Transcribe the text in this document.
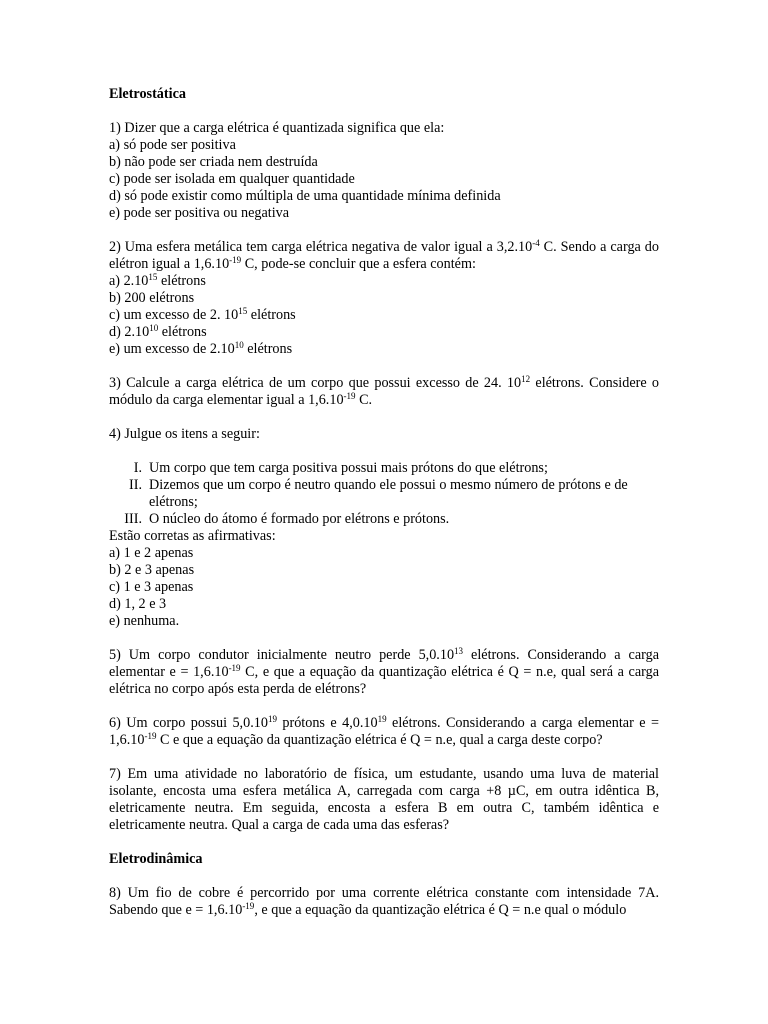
Eletrostática

1) Dizer que a carga elétrica é quantizada significa que ela:

a) só pode ser positiva

b) não pode ser criada nem destruída

c) pode ser isolada em qualquer quantidade

d) só pode existir como múltipla de uma quantidade mínima definida

e) pode ser positiva ou negativa

2) Uma esfera metálica tem carga elétrica negativa de valor igual a $3,2.10^{-4}$ C. Sendo a carga do elétron igual a $1,6.10^{-19}$ C, pode-se concluir que a esfera contém:

a) 2.10$^{15}$ elétrons

b) 200 elétrons

c) um excesso de 2. $10^{15}$ elétrons

d) 2.10$^{10}$ elétrons

e) um excesso de 2.10$^{10}$ elétrons

3) Calcule a carga elétrica de um corpo que possui excesso de 24. $10^{12}$ elétrons. Considere o módulo da carga elementar igual a $1,6.10^{-19}$ C.

4) Julgue os itens a seguir:

I. Um corpo que tem carga positiva possui mais prótons do que elétrons;
II. Dizemos que um corpo é neutro quando ele possui o mesmo número de prótons e de elétrons;
III. O núcleo do átomo é formado por elétrons e prótons.

Estão corretas as afirmativas:

a) 1 e 2 apenas

b) 2 e 3 apenas

c) 1 e 3 apenas

d) 1, 2 e 3

e) nenhuma.

5) Um corpo condutor inicialmente neutro perde 5,0.10$^{13}$ elétrons. Considerando a carga elementar $e = 1,6.10^{-19}$ C, e que a equação da quantização elétrica é Q = n.e, qual será a carga elétrica no corpo após esta perda de elétrons?

6) Um corpo possui 5,0.10$^{19}$ prótons e 4,0.10$^{19}$ elétrons. Considerando a carga elementar $e = 1,6.10^{-19}$ C e que a equação da quantização elétrica é Q = n.e, qual a carga deste corpo?

7) Em uma atividade no laboratório de física, um estudante, usando uma luva de material isolante, encosta uma esfera metálica A, carregada com carga +8 µC, em outra idêntica B, eletricamente neutra. Em seguida, encosta a esfera B em outra C, também idêntica e eletricamente neutra. Qual a carga de cada uma das esferas?

Eletrodinâmica

8) Um fio de cobre é percorrido por uma corrente elétrica constante com intensidade 7A. Sabendo que $e = 1,6.10^{-19}$, e que a equação da quantização elétrica é Q = n.e qual o módulo
